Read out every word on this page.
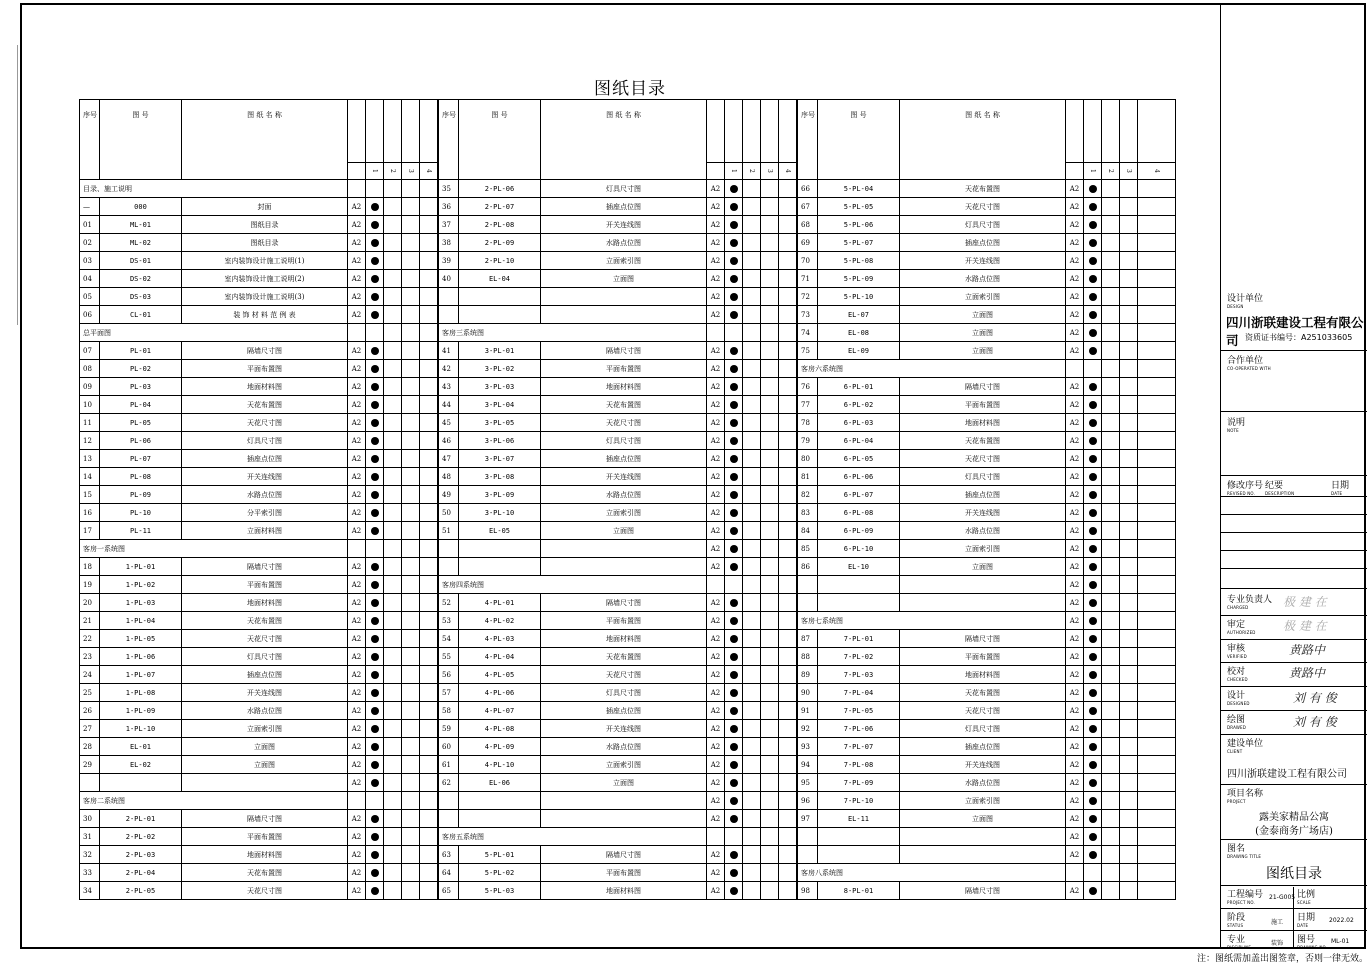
图纸目录
序号	图 号	图 纸 名 称					
				1	2	3	4
目录、施工说明							
—	000	封面	A2				
01	ML-01	图纸目录	A2				
02	ML-02	图纸目录	A2				
03	DS-01	室内装饰设计施工说明(1)	A2				
04	DS-02	室内装饰设计施工说明(2)	A2				
05	DS-03	室内装饰设计施工说明(3)	A2				
06	CL-01	装 饰 材 料 范 例 表	A2				
总平面图							
07	PL-01	隔墙尺寸图	A2				
08	PL-02	平面布置图	A2				
09	PL-03	地面材料图	A2				
10	PL-04	天花布置图	A2				
11	PL-05	天花尺寸图	A2				
12	PL-06	灯具尺寸图	A2				
13	PL-07	插座点位图	A2				
14	PL-08	开关连线图	A2				
15	PL-09	水路点位图	A2				
16	PL-10	分平索引图	A2				
17	PL-11	立面材料图	A2				
客房一系统图							
18	1-PL-01	隔墙尺寸图	A2				
19	1-PL-02	平面布置图	A2				
20	1-PL-03	地面材料图	A2				
21	1-PL-04	天花布置图	A2				
22	1-PL-05	天花尺寸图	A2				
23	1-PL-06	灯具尺寸图	A2				
24	1-PL-07	插座点位图	A2				
25	1-PL-08	开关连线图	A2				
26	1-PL-09	水路点位图	A2				
27	1-PL-10	立面索引图	A2				
28	EL-01	立面图	A2				
29	EL-02	立面图	A2				
			A2				
客房二系统图							
30	2-PL-01	隔墙尺寸图	A2				
31	2-PL-02	平面布置图	A2				
32	2-PL-03	地面材料图	A2				
33	2-PL-04	天花布置图	A2				
34	2-PL-05	天花尺寸图	A2				
序号	图 号	图 纸 名 称					
				1	2	3	4
35	2-PL-06	灯具尺寸图	A2				
36	2-PL-07	插座点位图	A2				
37	2-PL-08	开关连线图	A2				
38	2-PL-09	水路点位图	A2				
39	2-PL-10	立面索引图	A2				
40	EL-04	立面图	A2				
			A2				
			A2				
客房三系统图							
41	3-PL-01	隔墙尺寸图	A2				
42	3-PL-02	平面布置图	A2				
43	3-PL-03	地面材料图	A2				
44	3-PL-04	天花布置图	A2				
45	3-PL-05	天花尺寸图	A2				
46	3-PL-06	灯具尺寸图	A2				
47	3-PL-07	插座点位图	A2				
48	3-PL-08	开关连线图	A2				
49	3-PL-09	水路点位图	A2				
50	3-PL-10	立面索引图	A2				
51	EL-05	立面图	A2				
			A2				
			A2				
客房四系统图							
52	4-PL-01	隔墙尺寸图	A2				
53	4-PL-02	平面布置图	A2				
54	4-PL-03	地面材料图	A2				
55	4-PL-04	天花布置图	A2				
56	4-PL-05	天花尺寸图	A2				
57	4-PL-06	灯具尺寸图	A2				
58	4-PL-07	插座点位图	A2				
59	4-PL-08	开关连线图	A2				
60	4-PL-09	水路点位图	A2				
61	4-PL-10	立面索引图	A2				
62	EL-06	立面图	A2				
			A2				
			A2				
客房五系统图							
63	5-PL-01	隔墙尺寸图	A2				
64	5-PL-02	平面布置图	A2				
65	5-PL-03	地面材料图	A2				
序号	图 号	图 纸 名 称					
				1	2	3	4
66	5-PL-04	天花布置图	A2				
67	5-PL-05	天花尺寸图	A2				
68	5-PL-06	灯具尺寸图	A2				
69	5-PL-07	插座点位图	A2				
70	5-PL-08	开关连线图	A2				
71	5-PL-09	水路点位图	A2				
72	5-PL-10	立面索引图	A2				
73	EL-07	立面图	A2				
74	EL-08	立面图	A2				
75	EL-09	立面图	A2				
客房六系统图							
76	6-PL-01	隔墙尺寸图	A2				
77	6-PL-02	平面布置图	A2				
78	6-PL-03	地面材料图	A2				
79	6-PL-04	天花布置图	A2				
80	6-PL-05	天花尺寸图	A2				
81	6-PL-06	灯具尺寸图	A2				
82	6-PL-07	插座点位图	A2				
83	6-PL-08	开关连线图	A2				
84	6-PL-09	水路点位图	A2				
85	6-PL-10	立面索引图	A2				
86	EL-10	立面图	A2				
			A2				
			A2				
客房七系统图			A2				
87	7-PL-01	隔墙尺寸图	A2				
88	7-PL-02	平面布置图	A2				
89	7-PL-03	地面材料图	A2				
90	7-PL-04	天花布置图	A2				
91	7-PL-05	天花尺寸图	A2				
92	7-PL-06	灯具尺寸图	A2				
93	7-PL-07	插座点位图	A2				
94	7-PL-08	开关连线图	A2				
95	7-PL-09	水路点位图	A2				
96	7-PL-10	立面索引图	A2				
97	EL-11	立面图	A2				
			A2				
			A2				
客房八系统图							
98	8-PL-01	隔墙尺寸图	A2				
设计单位
DESIGN
四川浙联建设工程有限公司 资质证书编号：A251033605
合作单位
CO-OPERATED WITH
说明
NOTE
修改序号
REVISED NO.
纪要
DESCRIPTION
日期
DATE
专业负责人
CHARGED	极 建 在
审定
AUTHORIZED 极 建 在
审核
VERIFIED	黄路中
校对
CHECKED	黄路中
设计
DESIGNED	刘 有 俊
绘图
DRAWED	刘 有 俊
建设单位
CLIENT
四川浙联建设工程有限公司
项目名称
PROJECT
露美家精品公寓
(金泰商务广场店)
图名
DRAWING TITLE
图纸目录
工程编号
PROJECT NO.
21-G005 比例
SCALE
阶段
STATUS	施工 日期
DATE
2022.02
专业
DISCIPLINE
装饰 图号
DRAWING NO.
ML-01
注：图纸需加盖出图签章，否则一律无效。
